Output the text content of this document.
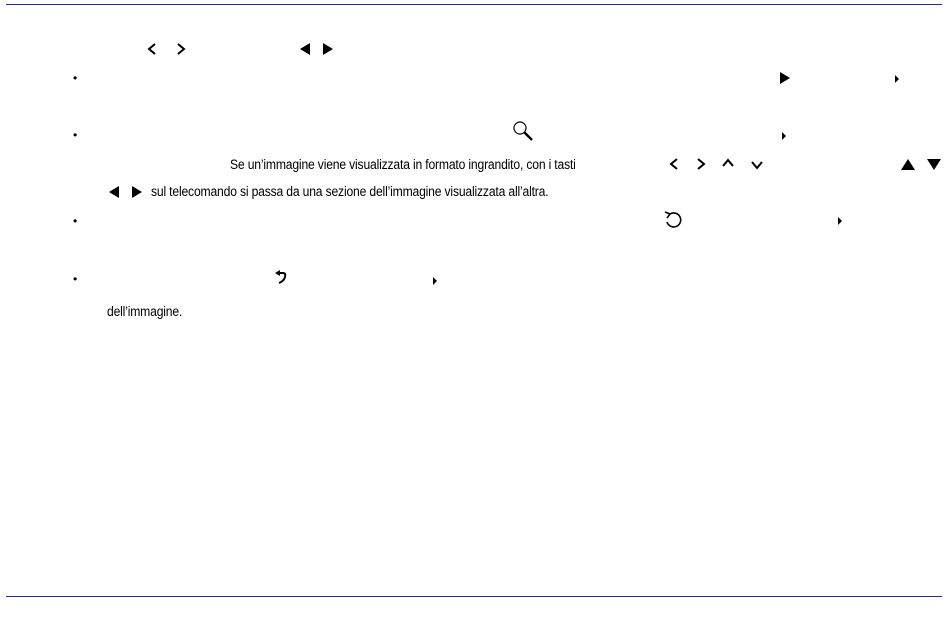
•
•
Se un’immagine viene visualizzata in formato ingrandito, con i tasti
sul telecomando si passa da una sezione dell’immagine visualizzata all’altra.
•
•
dell’immagine.
